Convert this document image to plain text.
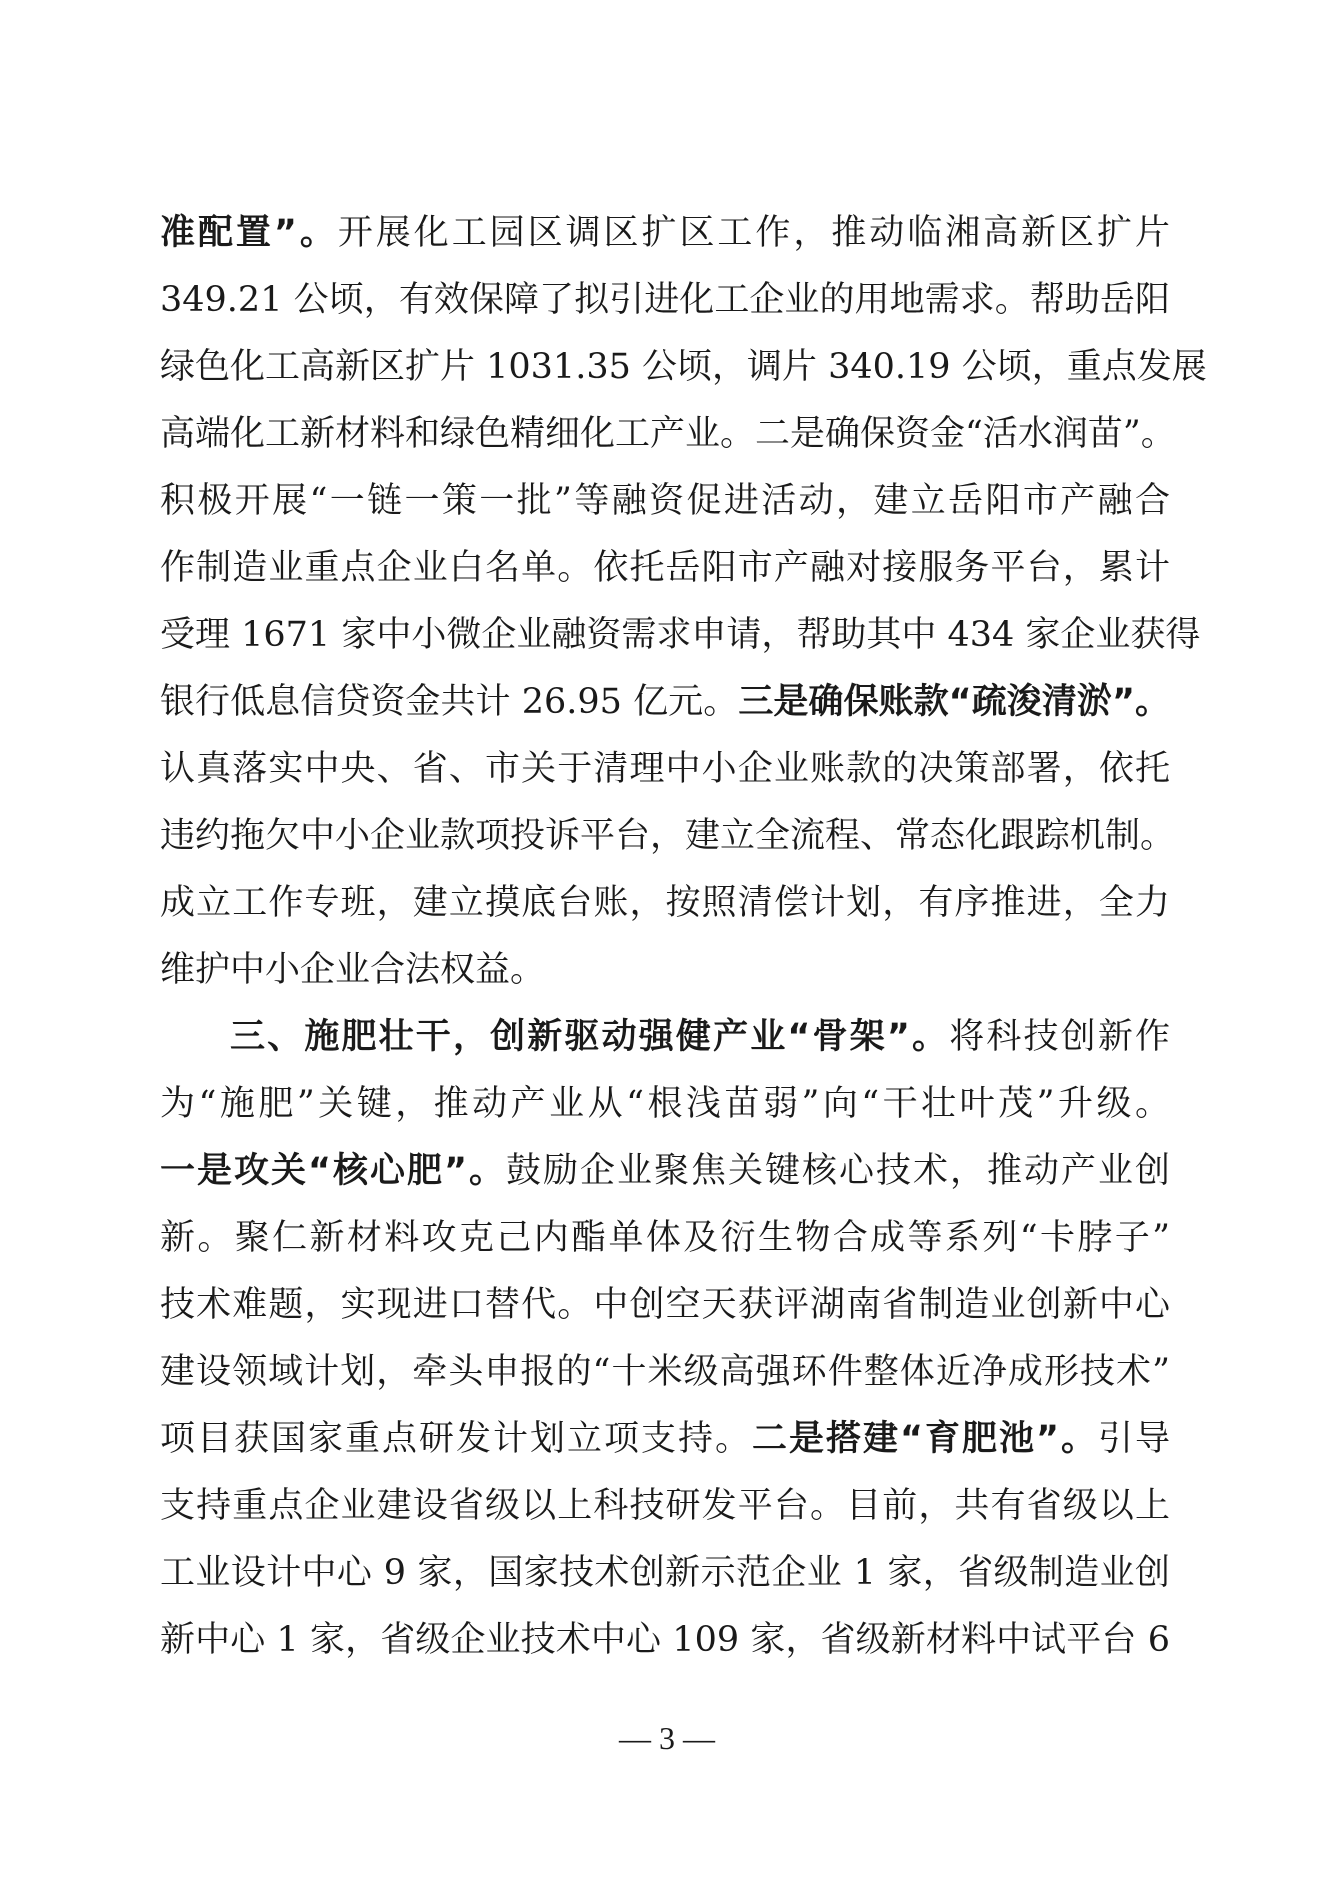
准配置”。开展化工园区调区扩区工作，推动临湘高新区扩片
349.21 公顷，有效保障了拟引进化工企业的用地需求。帮助岳阳
绿色化工高新区扩片 1031.35 公顷，调片 340.19 公顷，重点发展
高端化工新材料和绿色精细化工产业。二是确保资金“活水润苗”。
积极开展“一链一策一批”等融资促进活动，建立岳阳市产融合
作制造业重点企业白名单。依托岳阳市产融对接服务平台，累计
受理 1671 家中小微企业融资需求申请，帮助其中 434 家企业获得
银行低息信贷资金共计 26.95 亿元。三是确保账款“疏浚清淤”。
认真落实中央、省、市关于清理中小企业账款的决策部署，依托
违约拖欠中小企业款项投诉平台，建立全流程、常态化跟踪机制。
成立工作专班，建立摸底台账，按照清偿计划，有序推进，全力
维护中小企业合法权益。
三、施肥壮干，创新驱动强健产业“骨架”。将科技创新作
为“施肥”关键，推动产业从“根浅苗弱”向“干壮叶茂”升级。
一是攻关“核心肥”。鼓励企业聚焦关键核心技术，推动产业创
新。聚仁新材料攻克己内酯单体及衍生物合成等系列“卡脖子”
技术难题，实现进口替代。中创空天获评湖南省制造业创新中心
建设领域计划，牵头申报的“十米级高强环件整体近净成形技术”
项目获国家重点研发计划立项支持。二是搭建“育肥池”。引导
支持重点企业建设省级以上科技研发平台。目前，共有省级以上
工业设计中心 9 家，国家技术创新示范企业 1 家，省级制造业创
新中心 1 家，省级企业技术中心 109 家，省级新材料中试平台 6
— 3 —
